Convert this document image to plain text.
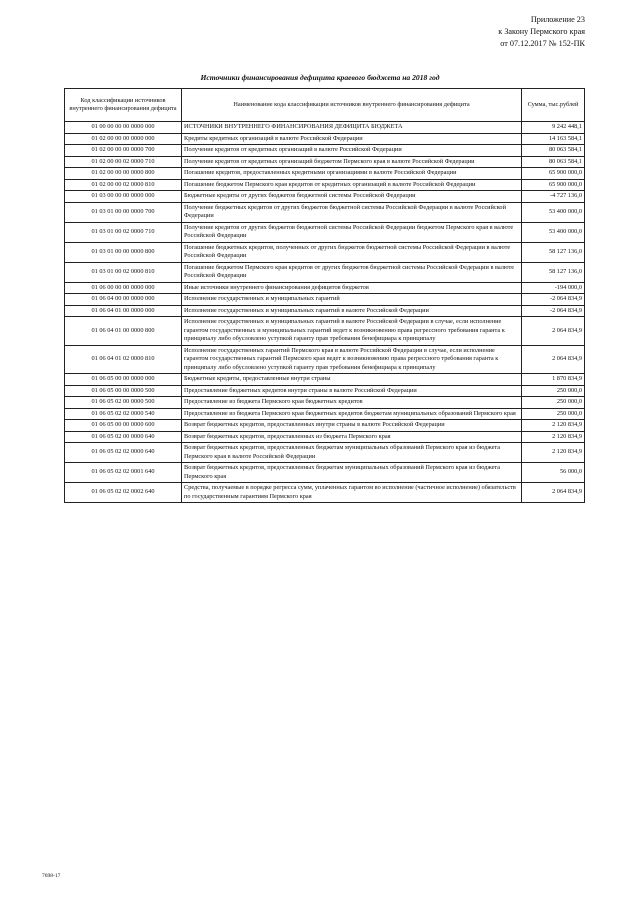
Приложение 23
к Закону Пермского края
от 07.12.2017 № 152-ПК
Источники финансирования дефицита краевого бюджета на 2018 год
Код классификации источников внутреннего финансирования дефицита	Наименование кода классификации источников внутреннего финансирования дефицита	Сумма, тыс.рублей
01 00 00 00 00 0000 000	ИСТОЧНИКИ ВНУТРЕННЕГО ФИНАНСИРОВАНИЯ ДЕФИЦИТА БЮДЖЕТА	9 242 448,1
01 02 00 00 00 0000 000	Кредиты кредитных организаций в валюте Российской Федерации	14 163 584,1
01 02 00 00 00 0000 700	Получение кредитов от кредитных организаций в валюте Российской Федерации	80 063 584,1
01 02 00 00 02 0000 710	Получение кредитов от кредитных организаций бюджетом Пермского края в валюте Российской Федерации	80 063 584,1
01 02 00 00 00 0000 800	Погашение кредитов, предоставленных кредитными организациями в валюте Российской Федерации	65 900 000,0
01 02 00 00 02 0000 810	Погашение бюджетом Пермского края кредитов от кредитных организаций в валюте Российской Федерации	65 900 000,0
01 03 00 00 00 0000 000	Бюджетные кредиты от других бюджетов бюджетной системы Российской Федерации	-4 727 136,0
01 03 01 00 00 0000 700	Получение бюджетных кредитов от других бюджетов бюджетной системы Российской Федерации в валюте Российской Федерации	53 400 000,0
01 03 01 00 02 0000 710	Получение кредитов от других бюджетов бюджетной системы Российской Федерации бюджетом Пермского края в валюте Российской Федерации	53 400 000,0
01 03 01 00 00 0000 800	Погашение бюджетных кредитов, полученных от других бюджетов бюджетной системы Российской Федерации в валюте Российской Федерации	58 127 136,0
01 03 01 00 02 0000 810	Погашение бюджетом Пермского края кредитов от других бюджетов бюджетной системы Российской Федерации в валюте Российской Федерации	58 127 136,0
01 06 00 00 00 0000 000	Иные источники внутреннего финансирования дефицитов бюджетов	-194 000,0
01 06 04 00 00 0000 000	Исполнение государственных и муниципальных гарантий	-2 064 834,9
01 06 04 01 00 0000 000	Исполнение государственных и муниципальных гарантий в валюте Российской Федерации	-2 064 834,9
01 06 04 01 00 0000 800	Исполнение государственных и муниципальных гарантий в валюте Российской Федерации в случае, если исполнение гарантом государственных и муниципальных гарантий ведет к возникновению права регрессного требования гаранта к принципалу либо обусловлено уступкой гаранту прав требования бенефициара к принципалу	2 064 834,9
01 06 04 01 02 0000 810	Исполнение государственных гарантий Пермского края в валюте Российской Федерации в случае, если исполнение гарантом государственных гарантий Пермского края ведет к возникновению права регрессного требования гаранта к принципалу либо обусловлено уступкой гаранту прав требования бенефициара к принципалу	2 064 834,9
01 06 05 00 00 0000 000	Бюджетные кредиты, предоставленные внутри страны	1 870 834,9
01 06 05 00 00 0000 500	Предоставление бюджетных кредитов внутри страны в валюте Российской Федерации	250 000,0
01 06 05 02 00 0000 500	Предоставление из бюджета Пермского края бюджетных кредитов	250 000,0
01 06 05 02 02 0000 540	Предоставление из бюджета Пермского края бюджетных кредитов бюджетам муниципальных образований Пермского края	250 000,0
01 06 05 00 00 0000 600	Возврат бюджетных кредитов, предоставленных внутри страны в валюте Российской Федерации	2 120 834,9
01 06 05 02 00 0000 640	Возврат бюджетных кредитов, предоставленных из бюджета Пермского края	2 120 834,9
01 06 05 02 02 0000 640	Возврат бюджетных кредитов, предоставленных бюджетам муниципальных образований Пермского края из бюджета Пермского края в валюте Российской Федерации	2 120 834,9
01 06 05 02 02 0001 640	Возврат бюджетных кредитов, предоставленных бюджетам муниципальных образований Пермского края из бюджета Пермского края	56 000,0
01 06 05 02 02 0002 640	Средства, получаемые в порядке регресса сумм, уплаченных гарантом во исполнение (частичное исполнение) обязательств по государственным гарантиям Пермского края	2 064 834,9
7698-17
